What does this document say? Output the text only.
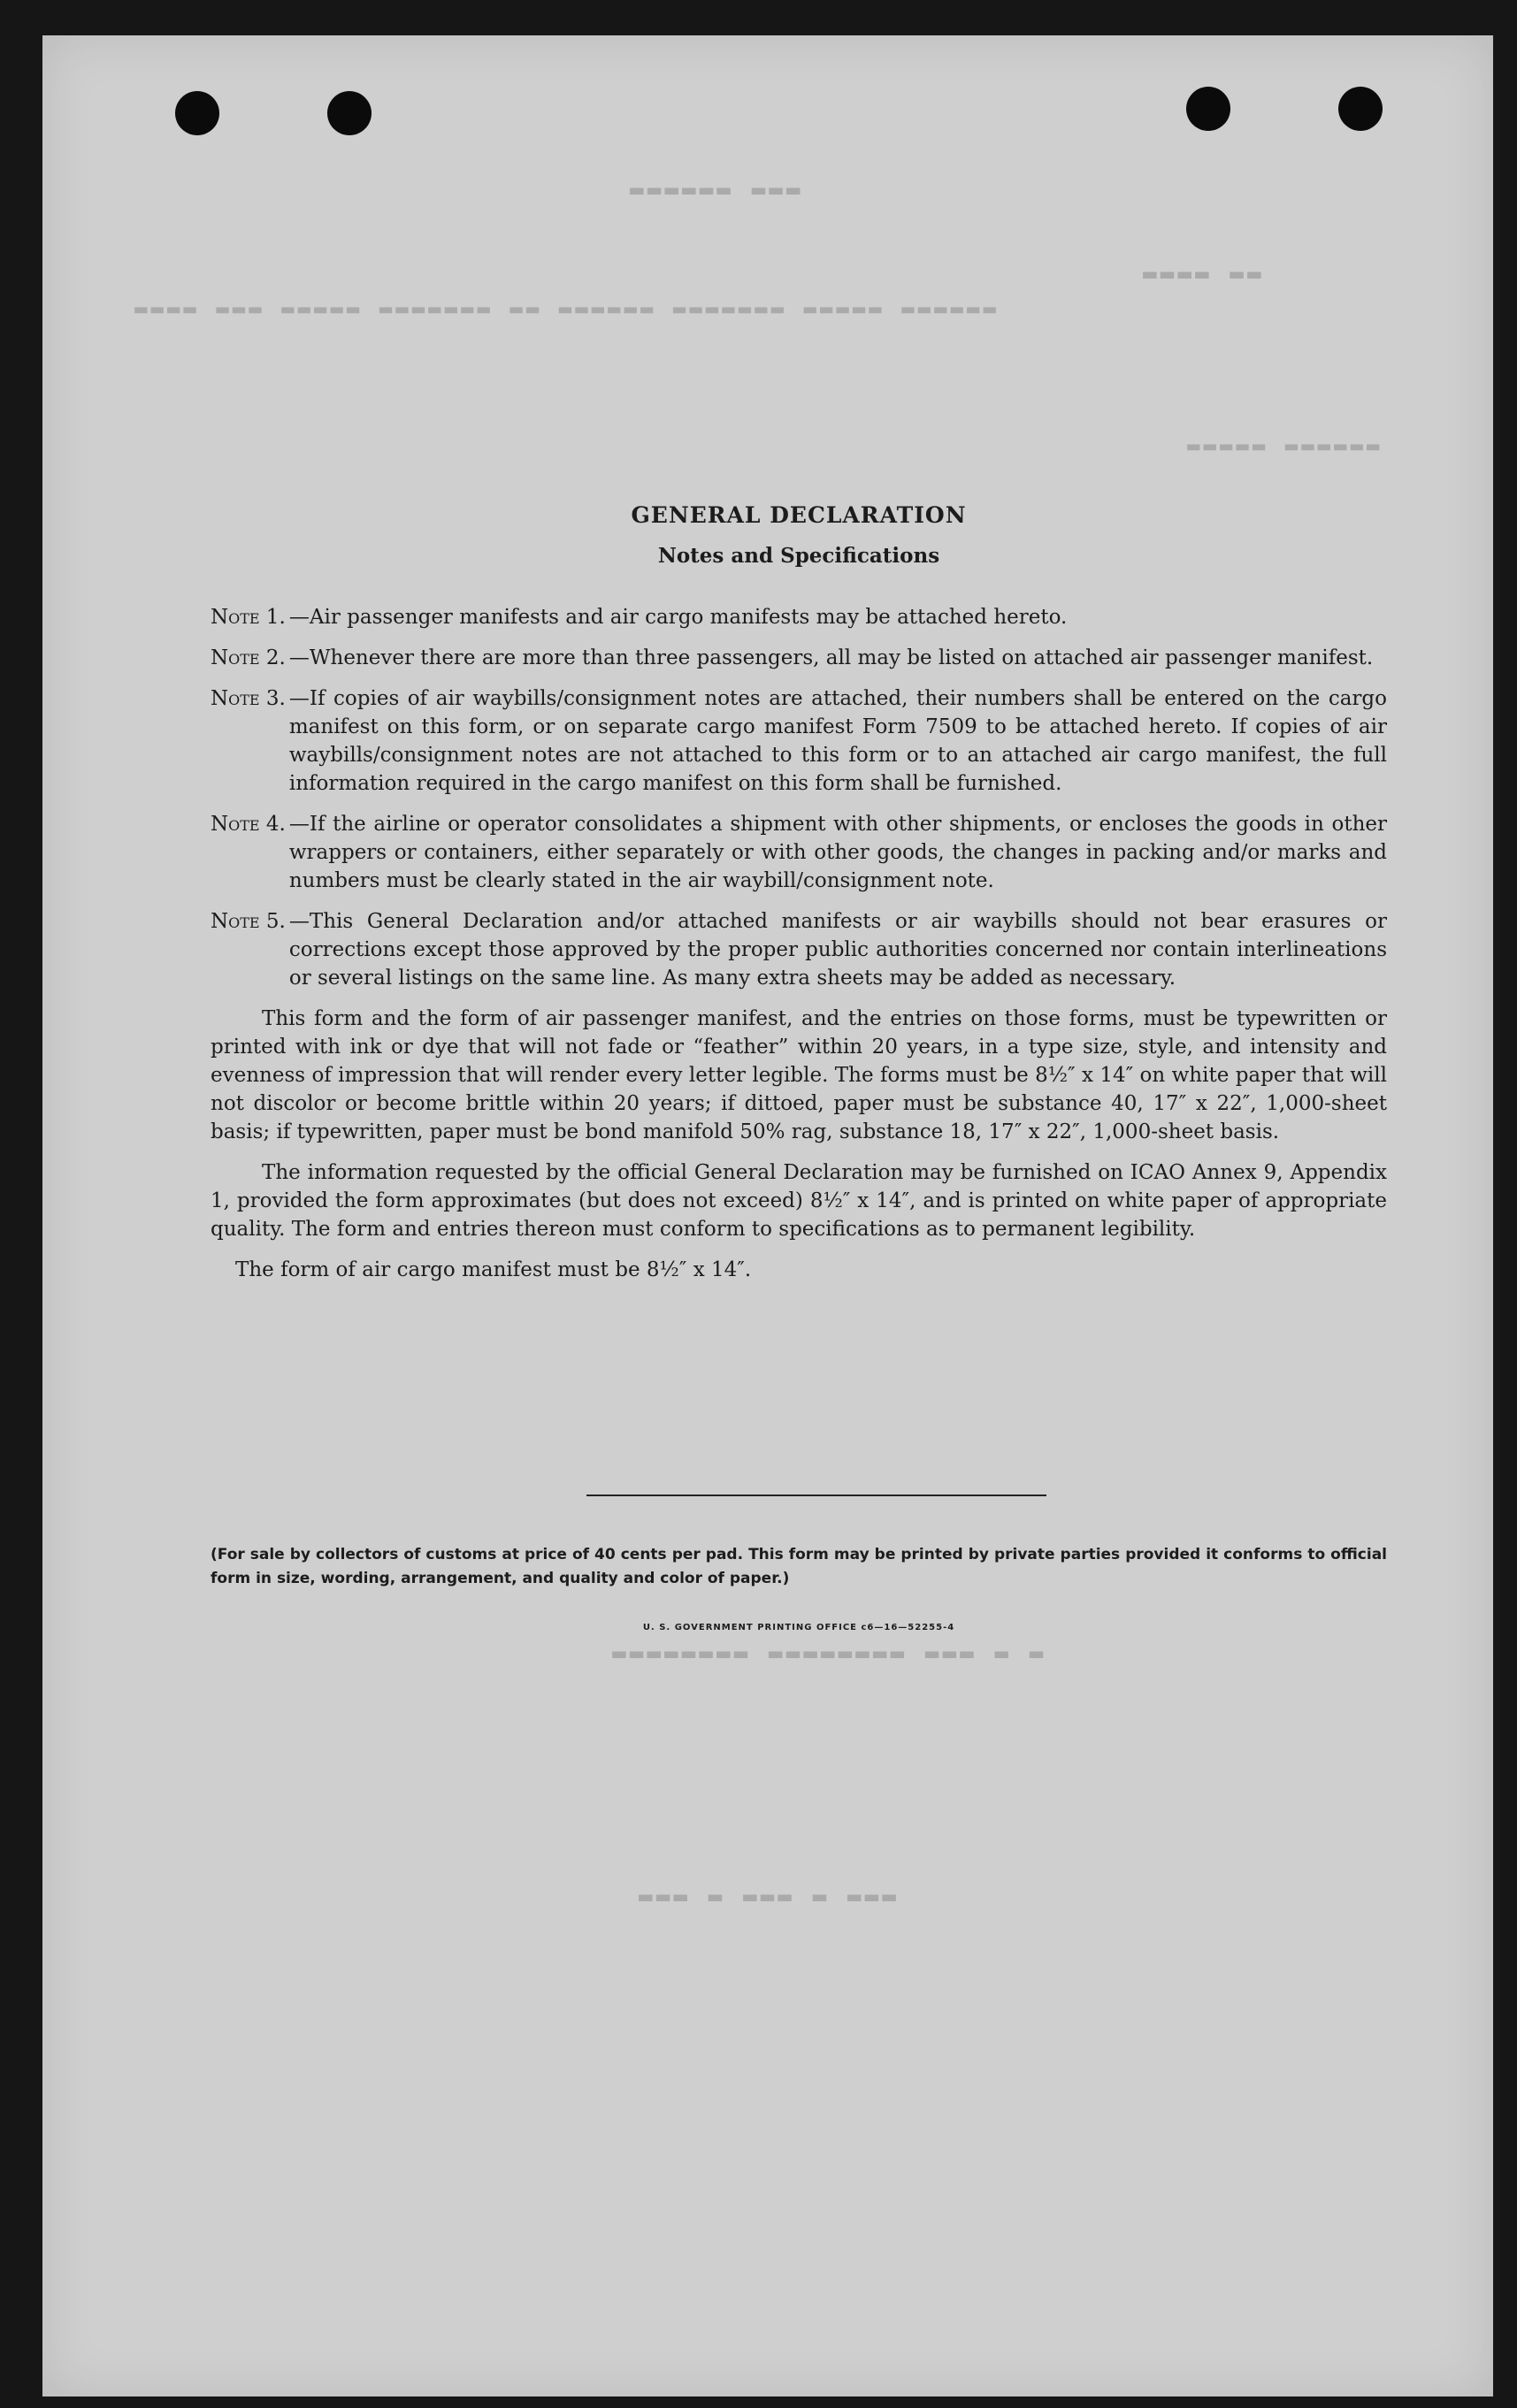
▬▬▬ ▬▬▬▬▬▬
▬▬ ▬▬▬▬
▬▬▬▬▬▬ ▬▬▬▬▬ ▬▬▬▬▬▬▬ ▬▬▬▬▬▬ ▬▬ ▬▬▬▬▬▬▬ ▬▬▬▬▬ ▬▬▬ ▬▬▬▬
▬▬▬▬▬▬ ▬▬▬▬▬
▬ ▬ ▬▬▬ ▬▬▬▬▬▬▬▬ ▬▬▬▬▬▬▬▬
▬▬▬ ▬ ▬▬▬ ▬ ▬▬▬
GENERAL DECLARATION
Notes and Specifications
Note 1. —Air passenger manifests and air cargo manifests may be attached hereto.
Note 2. —Whenever there are more than three passengers, all may be listed on attached air passenger manifest.
Note 3. —If copies of air waybills/consignment notes are attached, their numbers shall be entered on the cargo manifest on this form, or on separate cargo manifest Form 7509 to be attached hereto. If copies of air waybills/consignment notes are not attached to this form or to an attached air cargo manifest, the full information required in the cargo manifest on this form shall be furnished.
Note 4. —If the airline or operator consolidates a shipment with other shipments, or encloses the goods in other wrappers or containers, either separately or with other goods, the changes in packing and/or marks and numbers must be clearly stated in the air waybill/consignment note.
Note 5. —This General Declaration and/or attached manifests or air waybills should not bear erasures or corrections except those approved by the proper public authorities concerned nor contain interlineations or several listings on the same line. As many extra sheets may be added as necessary.

This form and the form of air passenger manifest, and the entries on those forms, must be typewritten or printed with ink or dye that will not fade or “feather” within 20 years, in a type size, style, and intensity and evenness of impression that will render every letter legible. The forms must be 8½″ x 14″ on white paper that will not discolor or become brittle within 20 years; if dittoed, paper must be substance 40, 17″ x 22″, 1,000-sheet basis; if typewritten, paper must be bond manifold 50% rag, substance 18, 17″ x 22″, 1,000-sheet basis.

The information requested by the official General Declaration may be furnished on ICAO Annex 9, Appendix 1, provided the form approximates (but does not exceed) 8½″ x 14″, and is printed on white paper of appropriate quality. The form and entries thereon must conform to specifications as to permanent legibility.

The form of air cargo manifest must be 8½″ x 14″.

(For sale by collectors of customs at price of 40 cents per pad. This form may be printed by private parties provided it conforms to official form in size, wording, arrangement, and quality and color of paper.)
U. S. GOVERNMENT PRINTING OFFICE c6—16—52255-4
